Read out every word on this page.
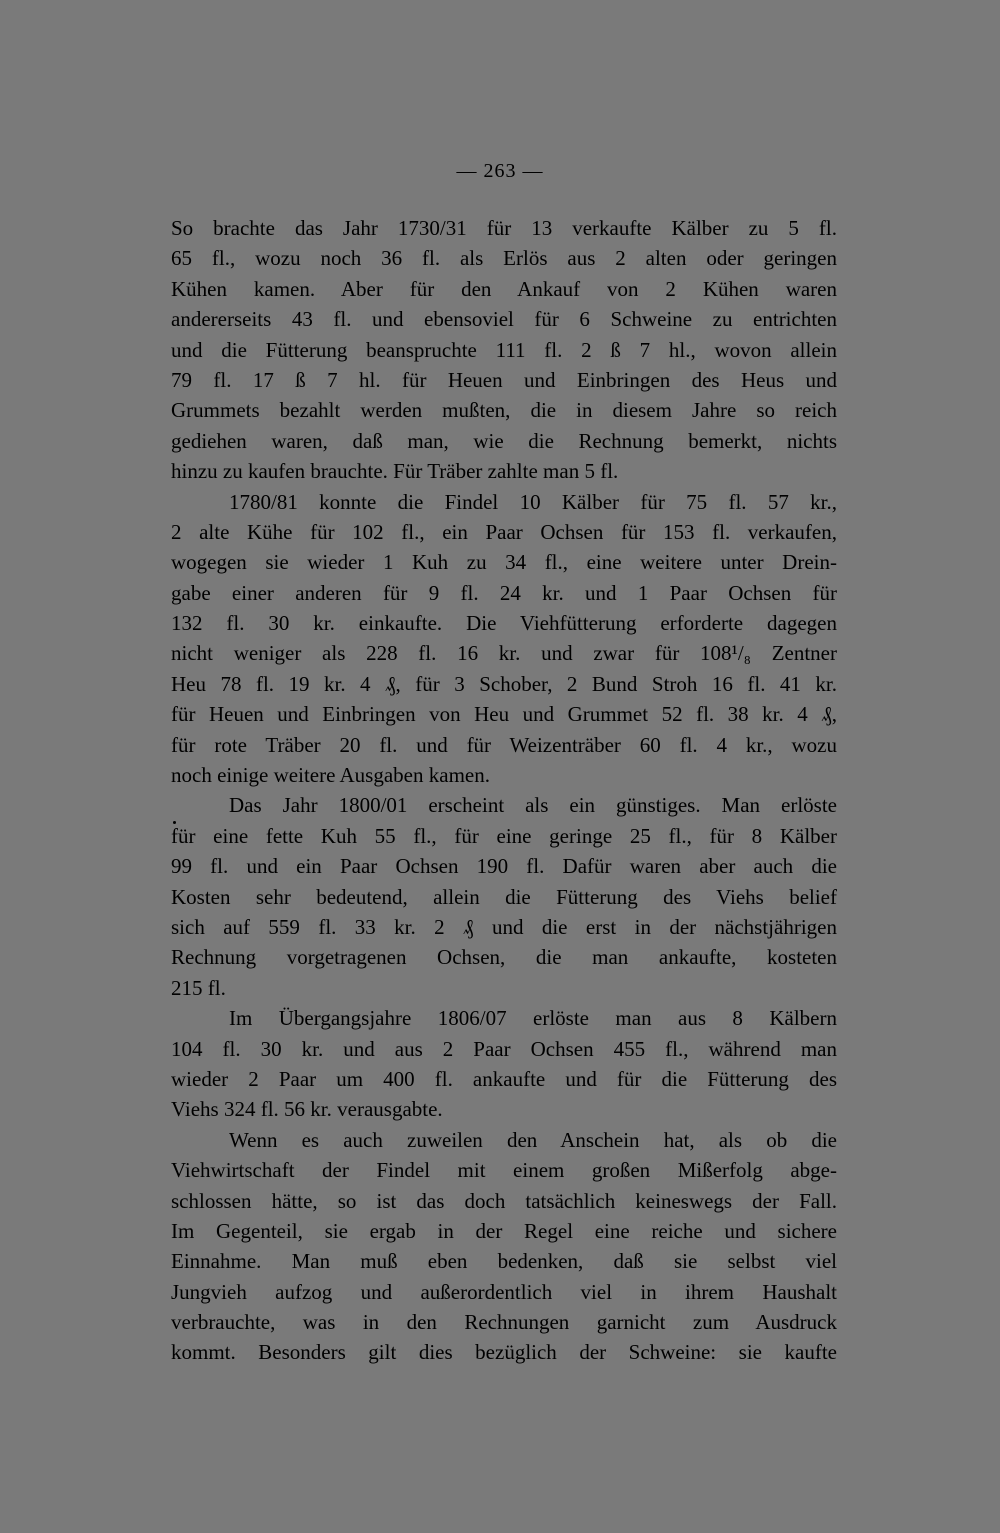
— 263 —
So brachte das Jahr 1730/31 für 13 verkaufte Kälber zu 5 fl.
65 fl., wozu noch 36 fl. als Erlös aus 2 alten oder geringen
Kühen kamen. Aber für den Ankauf von 2 Kühen waren
andererseits 43 fl. und ebensoviel für 6 Schweine zu entrichten
und die Fütterung beanspruchte 111 fl. 2 ß 7 hl., wovon allein
79 fl. 17 ß 7 hl. für Heuen und Einbringen des Heus und
Grummets bezahlt werden mußten, die in diesem Jahre so reich
gediehen waren, daß man, wie die Rechnung bemerkt, nichts
hinzu zu kaufen brauchte. Für Träber zahlte man 5 fl.
1780/81 konnte die Findel 10 Kälber für 75 fl. 57 kr.,
2 alte Kühe für 102 fl., ein Paar Ochsen für 153 fl. verkaufen,
wogegen sie wieder 1 Kuh zu 34 fl., eine weitere unter Drein-
gabe einer anderen für 9 fl. 24 kr. und 1 Paar Ochsen für
132 fl. 30 kr. einkaufte. Die Viehfütterung erforderte dagegen
nicht weniger als 228 fl. 16 kr. und zwar für 108¹/₈ Zentner
Heu 78 fl. 19 kr. 4 ₰, für 3 Schober, 2 Bund Stroh 16 fl. 41 kr.
für Heuen und Einbringen von Heu und Grummet 52 fl. 38 kr. 4 ₰,
für rote Träber 20 fl. und für Weizenträber 60 fl. 4 kr., wozu
noch einige weitere Ausgaben kamen.
Das Jahr 1800/01 erscheint als ein günstiges. Man erlöste
für eine fette Kuh 55 fl., für eine geringe 25 fl., für 8 Kälber
99 fl. und ein Paar Ochsen 190 fl. Dafür waren aber auch die
Kosten sehr bedeutend, allein die Fütterung des Viehs belief
sich auf 559 fl. 33 kr. 2 ₰ und die erst in der nächstjährigen
Rechnung vorgetragenen Ochsen, die man ankaufte, kosteten
215 fl.
Im Übergangsjahre 1806/07 erlöste man aus 8 Kälbern
104 fl. 30 kr. und aus 2 Paar Ochsen 455 fl., während man
wieder 2 Paar um 400 fl. ankaufte und für die Fütterung des
Viehs 324 fl. 56 kr. verausgabte.
Wenn es auch zuweilen den Anschein hat, als ob die
Viehwirtschaft der Findel mit einem großen Mißerfolg abge-
schlossen hätte, so ist das doch tatsächlich keineswegs der Fall.
Im Gegenteil, sie ergab in der Regel eine reiche und sichere
Einnahme. Man muß eben bedenken, daß sie selbst viel
Jungvieh aufzog und außerordentlich viel in ihrem Haushalt
verbrauchte, was in den Rechnungen garnicht zum Ausdruck
kommt. Besonders gilt dies bezüglich der Schweine: sie kaufte
